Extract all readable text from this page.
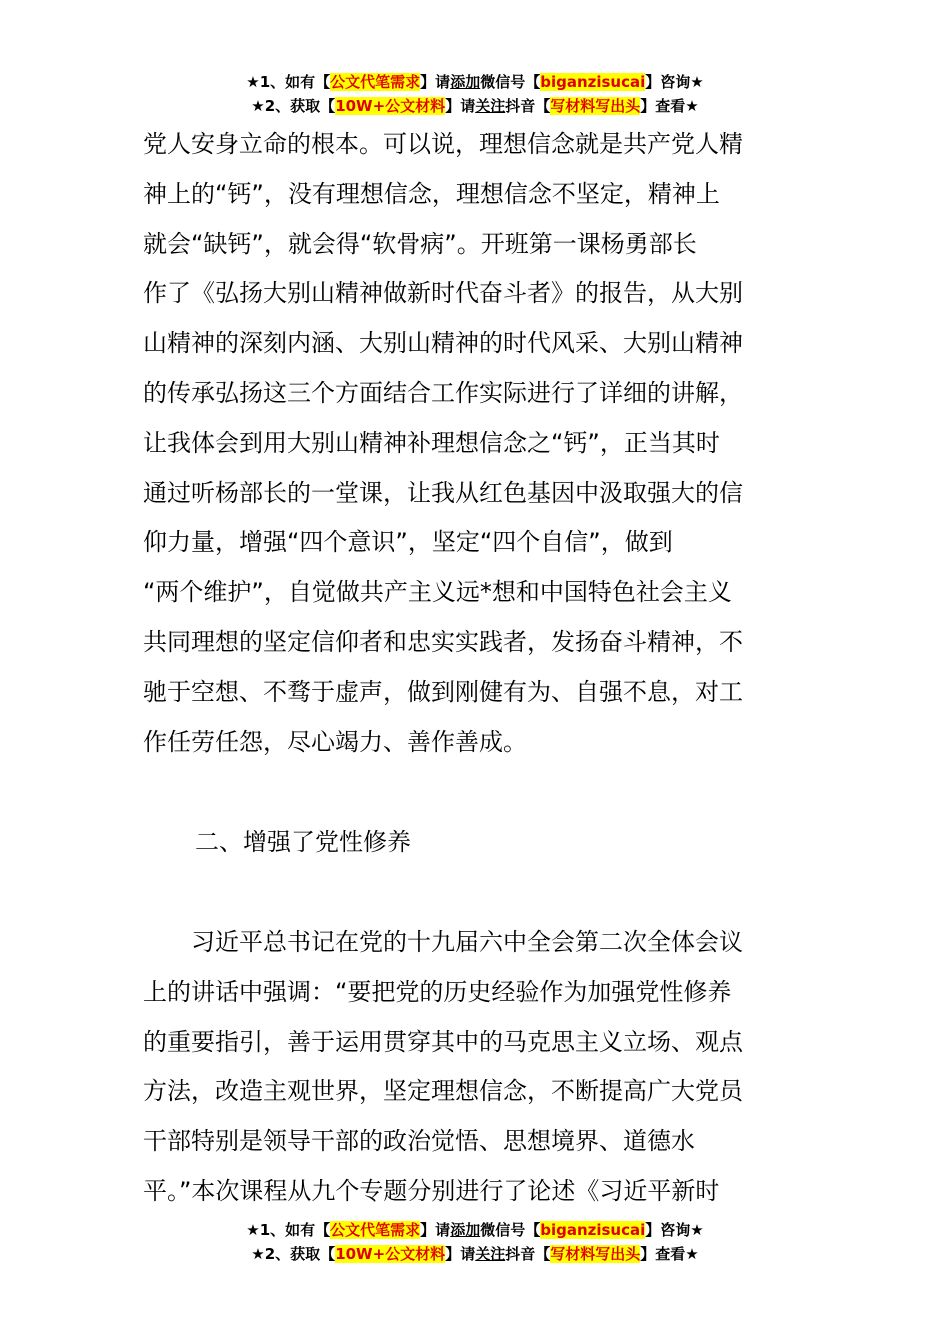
★1、如有【公文代笔需求】请添加微信号【biganzisucai】咨询★
★2、获取【10W+公文材料】请关注抖音【写材料写出头】查看★

党人安身立命的根本。可以说，理想信念就是共产党人精

神上的“钙”，没有理想信念，理想信念不坚定，精神上

就会“缺钙”，就会得“软骨病”。开班第一课杨勇部长

作了《弘扬大别山精神做新时代奋斗者》的报告，从大别

山精神的深刻内涵、大别山精神的时代风采、大别山精神

的传承弘扬这三个方面结合工作实际进行了详细的讲解，

让我体会到用大别山精神补理想信念之“钙”，正当其时

通过听杨部长的一堂课，让我从红色基因中汲取强大的信

仰力量，增强“四个意识”，坚定“四个自信”，做到

“两个维护”，自觉做共产主义远*想和中国特色社会主义

共同理想的坚定信仰者和忠实实践者，发扬奋斗精神，不

驰于空想、不骛于虚声，做到刚健有为、自强不息，对工

作任劳任怨，尽心竭力、善作善成。

二、增强了党性修养

　　习近平总书记在党的十九届六中全会第二次全体会议

上的讲话中强调：“要把党的历史经验作为加强党性修养

的重要指引，善于运用贯穿其中的马克思主义立场、观点

方法，改造主观世界，坚定理想信念，不断提高广大党员

干部特别是领导干部的政治觉悟、思想境界、道德水

平。”本次课程从九个专题分别进行了论述《习近平新时

★1、如有【公文代笔需求】请添加微信号【biganzisucai】咨询★
★2、获取【10W+公文材料】请关注抖音【写材料写出头】查看★
